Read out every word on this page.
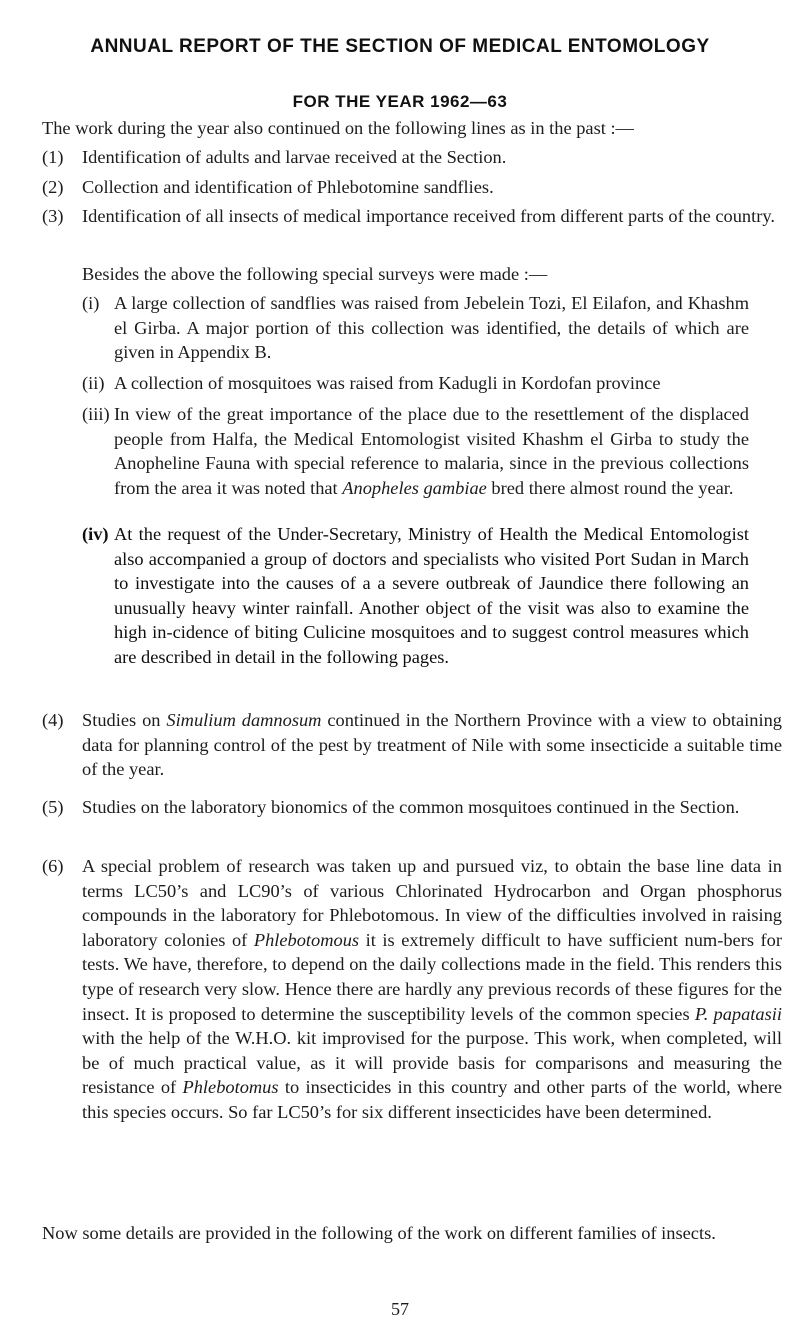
ANNUAL REPORT OF THE SECTION OF MEDICAL ENTOMOLOGY
FOR THE YEAR 1962—63
The work during the year also continued on the following lines as in the past :—
(1) Identification of adults and larvae received at the Section.
(2) Collection and identification of Phlebotomine sandflies.
(3) Identification of all insects of medical importance received from different parts of the country.
Besides the above the following special surveys were made :—
(i) A large collection of sandflies was raised from Jebelein Tozi, El Eilafon, and Khashm el Girba. A major portion of this collection was identified, the details of which are given in Appendix B.
(ii) A collection of mosquitoes was raised from Kadugli in Kordofan province
(iii) In view of the great importance of the place due to the resettlement of the displaced people from Halfa, the Medical Entomologist visited Khashm el Girba to study the Anopheline Fauna with special reference to malaria, since in the previous collections from the area it was noted that Anopheles gambiae bred there almost round the year.
(iv) At the request of the Under-Secretary, Ministry of Health the Medical Entomologist also accompanied a group of doctors and specialists who visited Port Sudan in March to investigate into the causes of a a severe outbreak of Jaundice there following an unusually heavy winter rainfall. Another object of the visit was also to examine the high in-cidence of biting Culicine mosquitoes and to suggest control measures which are described in detail in the following pages.
(4) Studies on Simulium damnosum continued in the Northern Province with a view to obtaining data for planning control of the pest by treatment of Nile with some insecticide a suitable time of the year.
(5) Studies on the laboratory bionomics of the common mosquitoes continued in the Section.
(6) A special problem of research was taken up and pursued viz, to obtain the base line data in terms LC50’s and LC90’s of various Chlorinated Hydrocarbon and Organ phosphorus compounds in the laboratory for Phlebotomous. In view of the difficulties involved in raising laboratory colonies of Phlebotomous it is extremely difficult to have sufficient num-bers for tests. We have, therefore, to depend on the daily collections made in the field. This renders this type of research very slow. Hence there are hardly any previous records of these figures for the insect. It is proposed to determine the susceptibility levels of the common species P. papatasii with the help of the W.H.O. kit improvised for the purpose. This work, when completed, will be of much practical value, as it will provide basis for comparisons and measuring the resistance of Phlebotomus to insecticides in this country and other parts of the world, where this species occurs. So far LC50’s for six different insecticides have been determined.
Now some details are provided in the following of the work on different families of insects.
57
